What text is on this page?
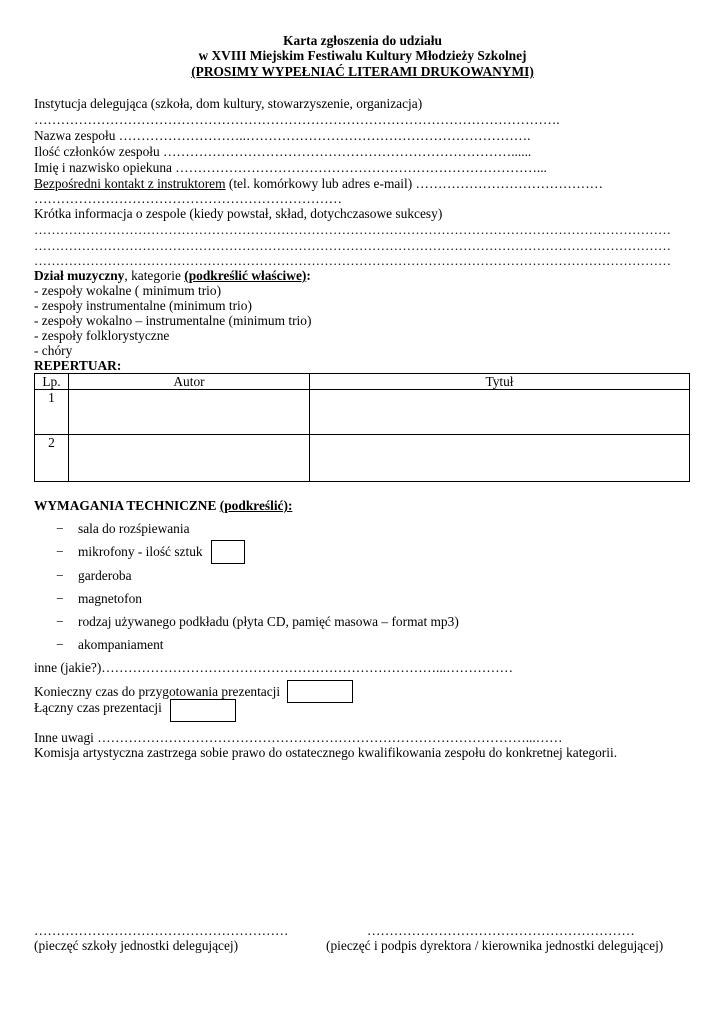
Karta zgłoszenia do udziału
w XVIII Miejskim Festiwalu Kultury Młodzieży Szkolnej
(PROSIMY WYPEŁNIAĆ LITERAMI DRUKOWANYMI)
Instytucja delegująca (szkoła, dom kultury, stowarzyszenie, organizacja)
……………………………………………………………………………………………………….
Nazwa zespołu ………………………..……………………………………………………….
Ilość członków zespołu ……………………………………………………………………......
Imię i nazwisko opiekuna ………………………………………………………………………...
Bezpośredni kontakt z instruktorem (tel. komórkowy lub adres e-mail) ……………………………………
……………………………………………………………
Krótka informacja o zespole (kiedy powstał, skład, dotychczasowe sukcesy)
…………………………………………………………………………………………………………………………………
…………………………………………………………………………………………………………………………………
…………………………………………………………………………………………………………………………………
Dział muzyczny, kategorie (podkreślić właściwe):
- zespoły wokalne ( minimum trio)
- zespoły instrumentalne (minimum trio)
- zespoły wokalno – instrumentalne (minimum trio)
- zespoły folklorystyczne
- chóry
REPERTUAR:
Lp.	Autor	Tytuł
1		
2		
WYMAGANIA TECHNICZNE (podkreślić):
− sala do rozśpiewania
− mikrofony - ilość sztuk
− garderoba
− magnetofon
− rodzaj używanego podkładu (płyta CD, pamięć masowa – format mp3)
− akompaniament
inne (jakie?)…………………………………………………………………...……………
Konieczny czas do przygotowania prezentacji
Łączny czas prezentacji
Inne uwagi ……………………………………………………………………………………...……
Komisja artystyczna zastrzega sobie prawo do ostatecznego kwalifikowania zespołu do konkretnej kategorii.
…………………………………………………
(pieczęć szkoły jednostki delegującej)
……………………………………………………
(pieczęć i podpis dyrektora / kierownika jednostki delegującej)
